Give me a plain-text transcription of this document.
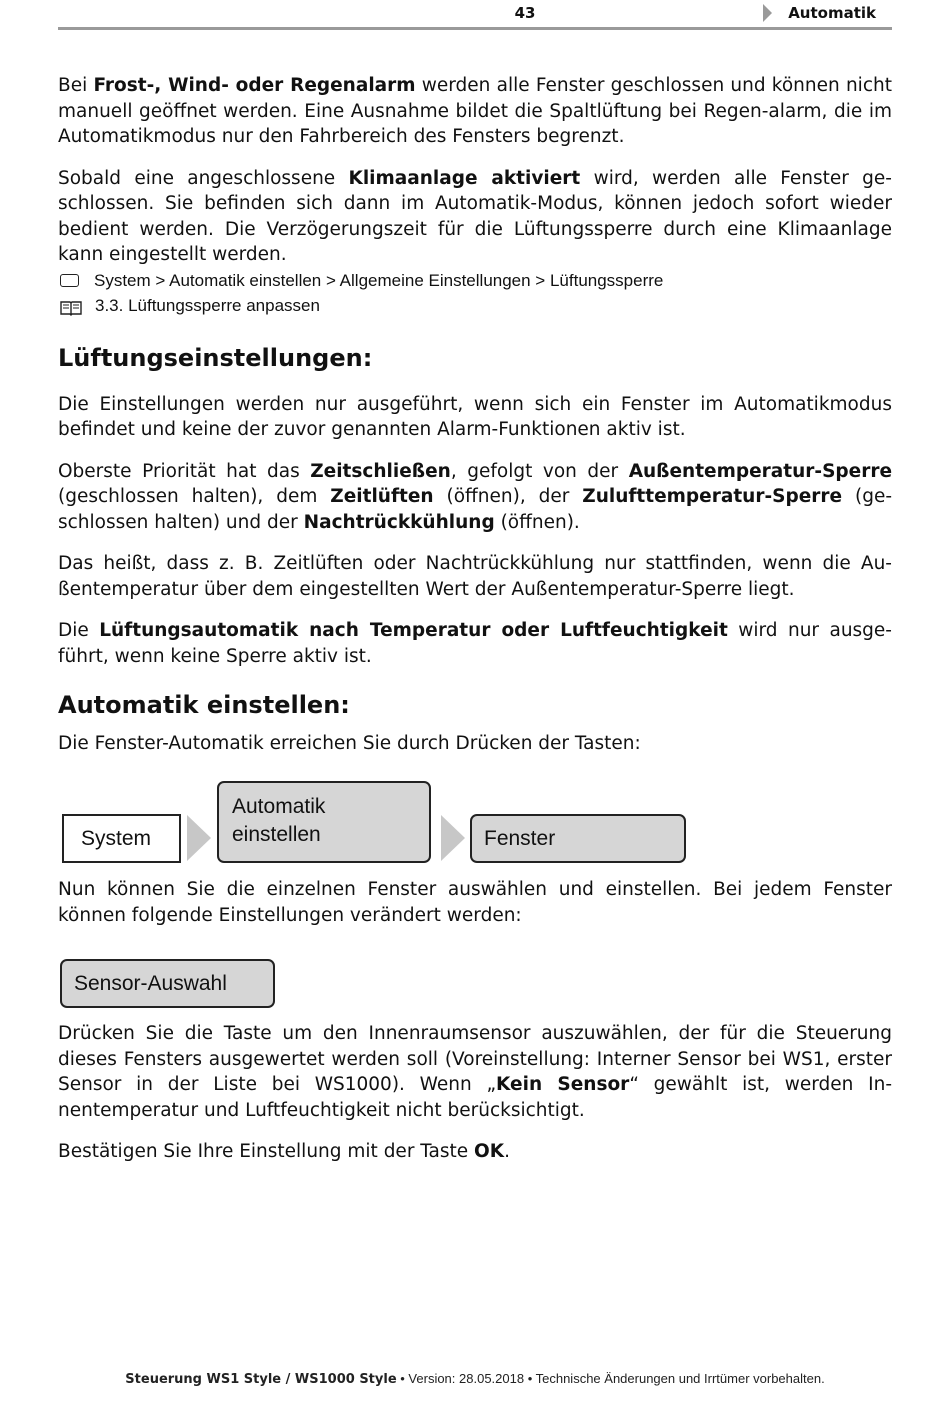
43	Automatik

Bei Frost-, Wind- oder Regenalarm werden alle Fenster geschlossen und können nicht manuell geöffnet werden. Eine Ausnahme bildet die Spaltlüftung bei Regen-alarm, die im Automatikmodus nur den Fahrbereich des Fensters begrenzt.

Sobald eine angeschlossene Klimaanlage aktiviert wird, werden alle Fenster ge-schlossen. Sie befinden sich dann im Automatik-Modus, können jedoch sofort wieder bedient werden. Die Verzögerungszeit für die Lüftungssperre durch eine Klimaanlage kann eingestellt werden.

System > Automatik einstellen > Allgemeine Einstellungen > Lüftungssperre
3.3. Lüftungssperre anpassen
Lüftungseinstellungen:

Die Einstellungen werden nur ausgeführt, wenn sich ein Fenster im Automatikmodus befindet und keine der zuvor genannten Alarm-Funktionen aktiv ist.

Oberste Priorität hat das Zeitschließen, gefolgt von der Außentemperatur-Sperre (geschlossen halten), dem Zeitlüften (öffnen), der Zulufttemperatur-Sperre (ge-schlossen halten) und der Nachtrückkühlung (öffnen).

Das heißt, dass z. B. Zeitlüften oder Nachtrückkühlung nur stattfinden, wenn die Au-ßentemperatur über dem eingestellten Wert der Außentemperatur-Sperre liegt.

Die Lüftungsautomatik nach Temperatur oder Luftfeuchtigkeit wird nur ausge-führt, wenn keine Sperre aktiv ist.

Automatik einstellen:

Die Fenster-Automatik erreichen Sie durch Drücken der Tasten:

System
Automatik
einstellen	Fenster

Nun können Sie die einzelnen Fenster auswählen und einstellen. Bei jedem Fenster können folgende Einstellungen verändert werden:

Sensor-Auswahl

Drücken Sie die Taste um den Innenraumsensor auszuwählen, der für die Steuerung dieses Fensters ausgewertet werden soll (Voreinstellung: Interner Sensor bei WS1, erster Sensor in der Liste bei WS1000). Wenn „Kein Sensor“ gewählt ist, werden In-nentemperatur und Luftfeuchtigkeit nicht berücksichtigt.

Bestätigen Sie Ihre Einstellung mit der Taste OK.

Steuerung WS1 Style / WS1000 Style • Version: 28.05.2018 • Technische Änderungen und Irrtümer vorbehalten.
